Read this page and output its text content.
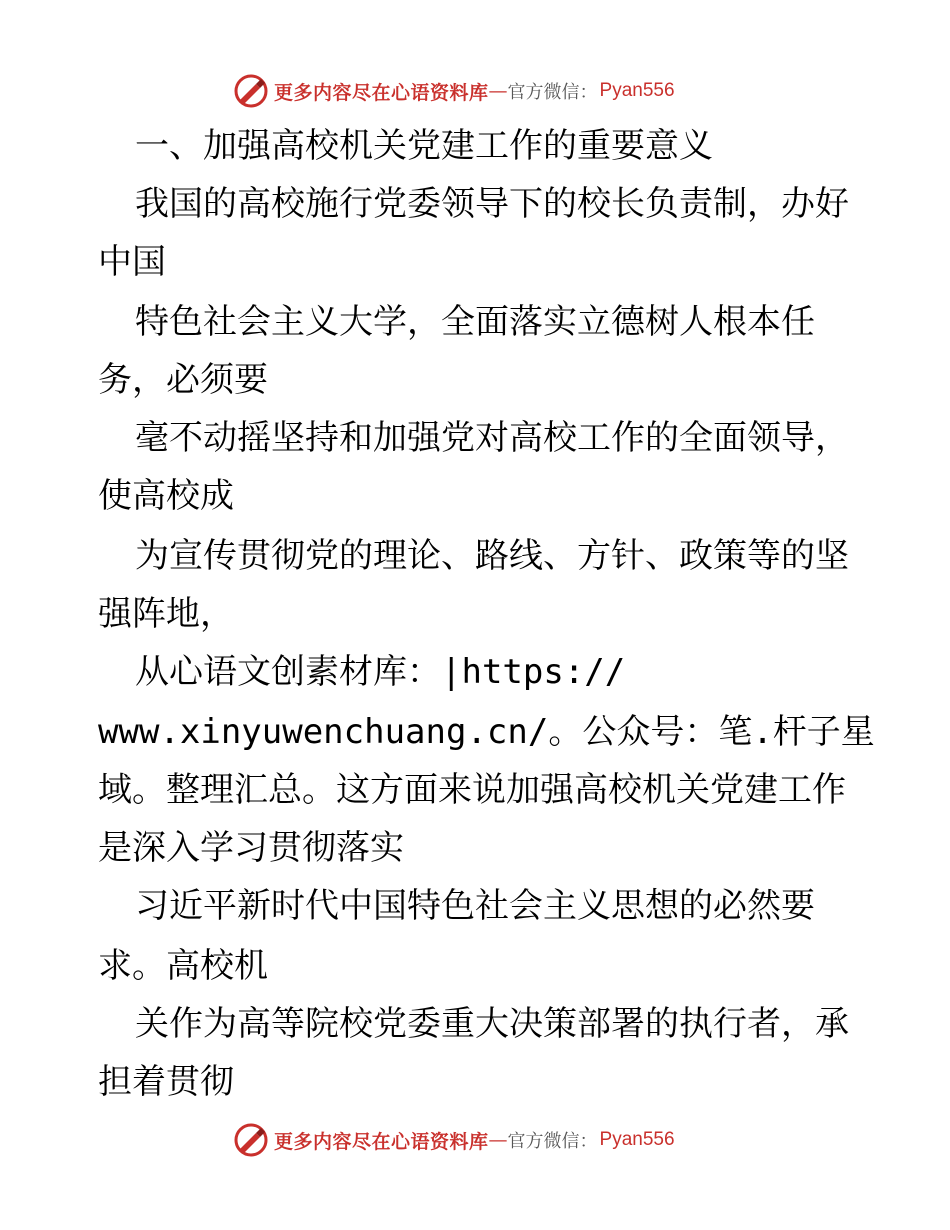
更多内容尽在心语资料库 — 官方微信： Pyan556
一、加强高校机关党建工作的重要意义
我国的高校施行党委领导下的校长负责制，办好
中国
特色社会主义大学，全面落实立德树人根本任
务，必须要
毫不动摇坚持和加强党对高校工作的全面领导，
使高校成
为宣传贯彻党的理论、路线、方针、政策等的坚
强阵地，
从心语文创素材库：|https://
www.xinyuwenchuang.cn/。公众号：笔.杆子星
域。整理汇总。这方面来说加强高校机关党建工作
是深入学习贯彻落实
习近平新时代中国特色社会主义思想的必然要
求。高校机
关作为高等院校党委重大决策部署的执行者，承
担着贯彻
更多内容尽在心语资料库 — 官方微信： Pyan556
